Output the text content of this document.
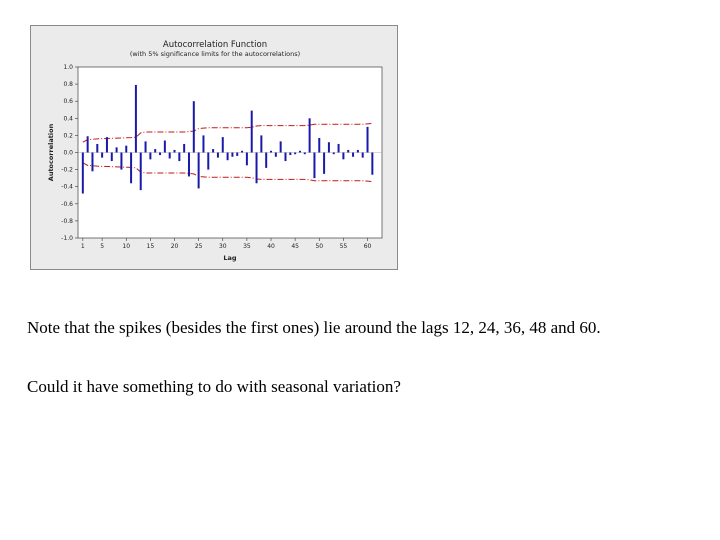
Autocorrelation Function
(with 5% significance limits for the autocorrelations)
1.0
0.8
0.6
0.4
0.2
0.0
-0.2
-0.4
-0.6
-0.8
-1.0
1	5	10	15	20	25	30	35	40	45	50	55	60
Lag
Autocorrelation

Note that the spikes (besides the first ones) lie around the lags 12, 24, 36, 48 and 60.

Could it have something to do with seasonal variation?
